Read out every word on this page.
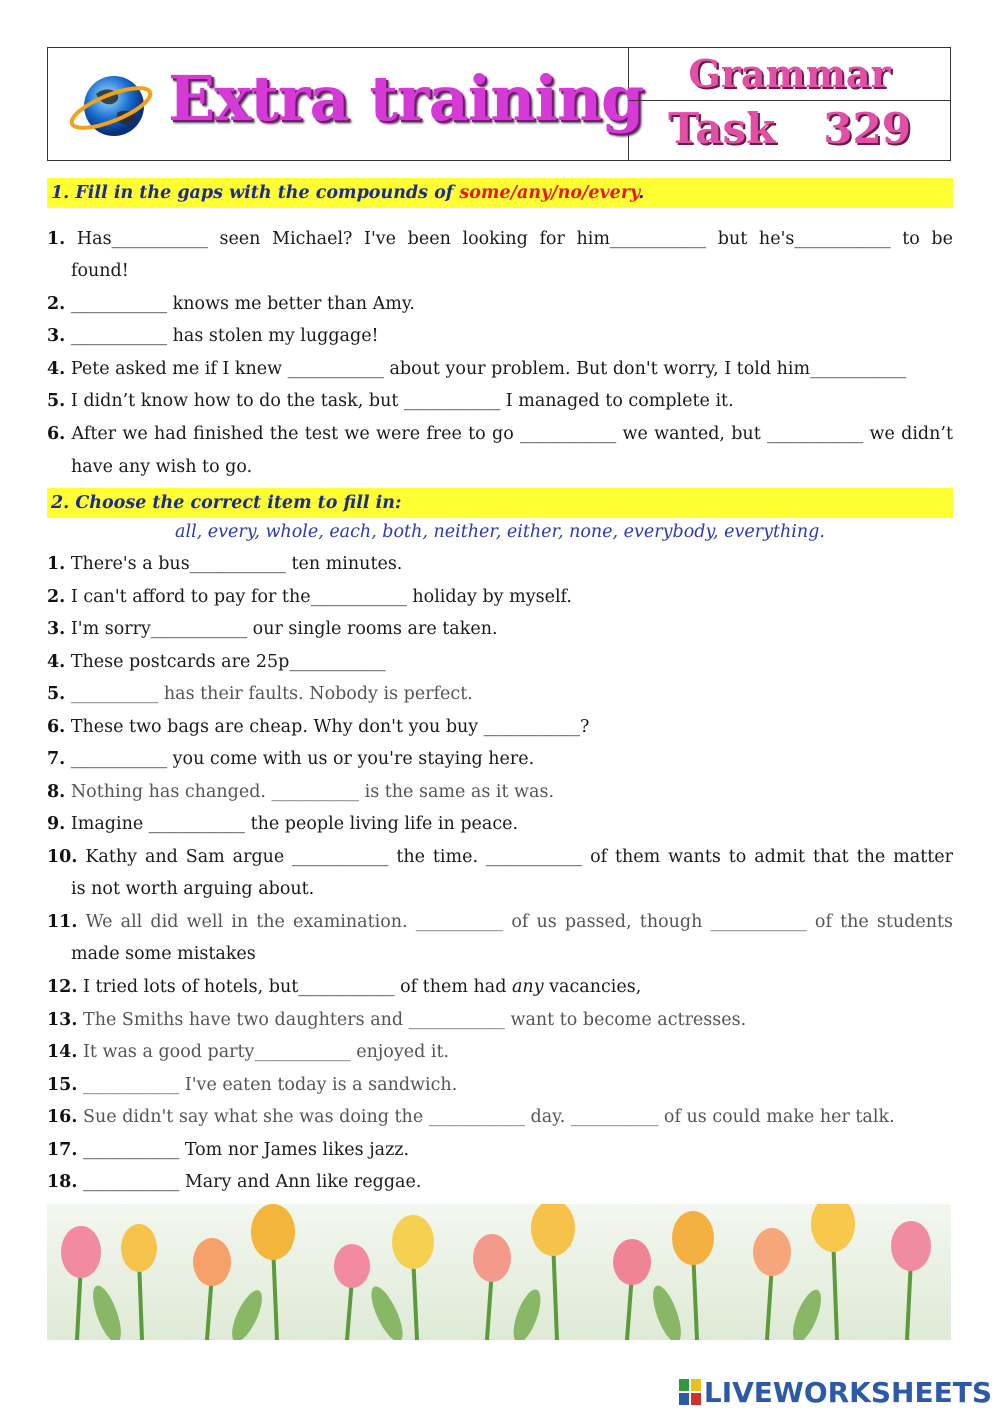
Extra training	Grammar
Task 329
1. Fill in the gaps with the compounds of some/any/no/every.
1. Has___________ seen Michael? I've been looking for him___________ but he's___________ to be
found!
2. ___________ knows me better than Amy.
3. ___________ has stolen my luggage!
4. Pete asked me if I knew ___________ about your problem. But don't worry, I told him___________
5. I didn’t know how to do the task, but ___________ I managed to complete it.
6. After we had finished the test we were free to go ___________ we wanted, but ___________ we didn’t
have any wish to go.
2. Choose the correct item to fill in:
all, every, whole, each, both, neither, either, none, everybody, everything.
1. There's a bus___________ ten minutes.
2. I can't afford to pay for the___________ holiday by myself.
3. I'm sorry___________ our single rooms are taken.
4. These postcards are 25p___________
5. __________ has their faults. Nobody is perfect.
6. These two bags are cheap. Why don't you buy ___________?
7. ___________ you come with us or you're staying here.
8. Nothing has changed. __________ is the same as it was.
9. Imagine ___________ the people living life in peace.
10. Kathy and Sam argue ___________ the time. ___________ of them wants to admit that the matter
is not worth arguing about.
11. We all did well in the examination. __________ of us passed, though ___________ of the students
made some mistakes
12. I tried lots of hotels, but___________ of them had any vacancies,
13. The Smiths have two daughters and ___________ want to become actresses.
14. It was a good party___________ enjoyed it.
15. ___________ I've eaten today is a sandwich.
16. Sue didn't say what she was doing the ___________ day. __________ of us could make her talk.
17. ___________ Tom nor James likes jazz.
18. ___________ Mary and Ann like reggae.
LIVEWORKSHEETS
